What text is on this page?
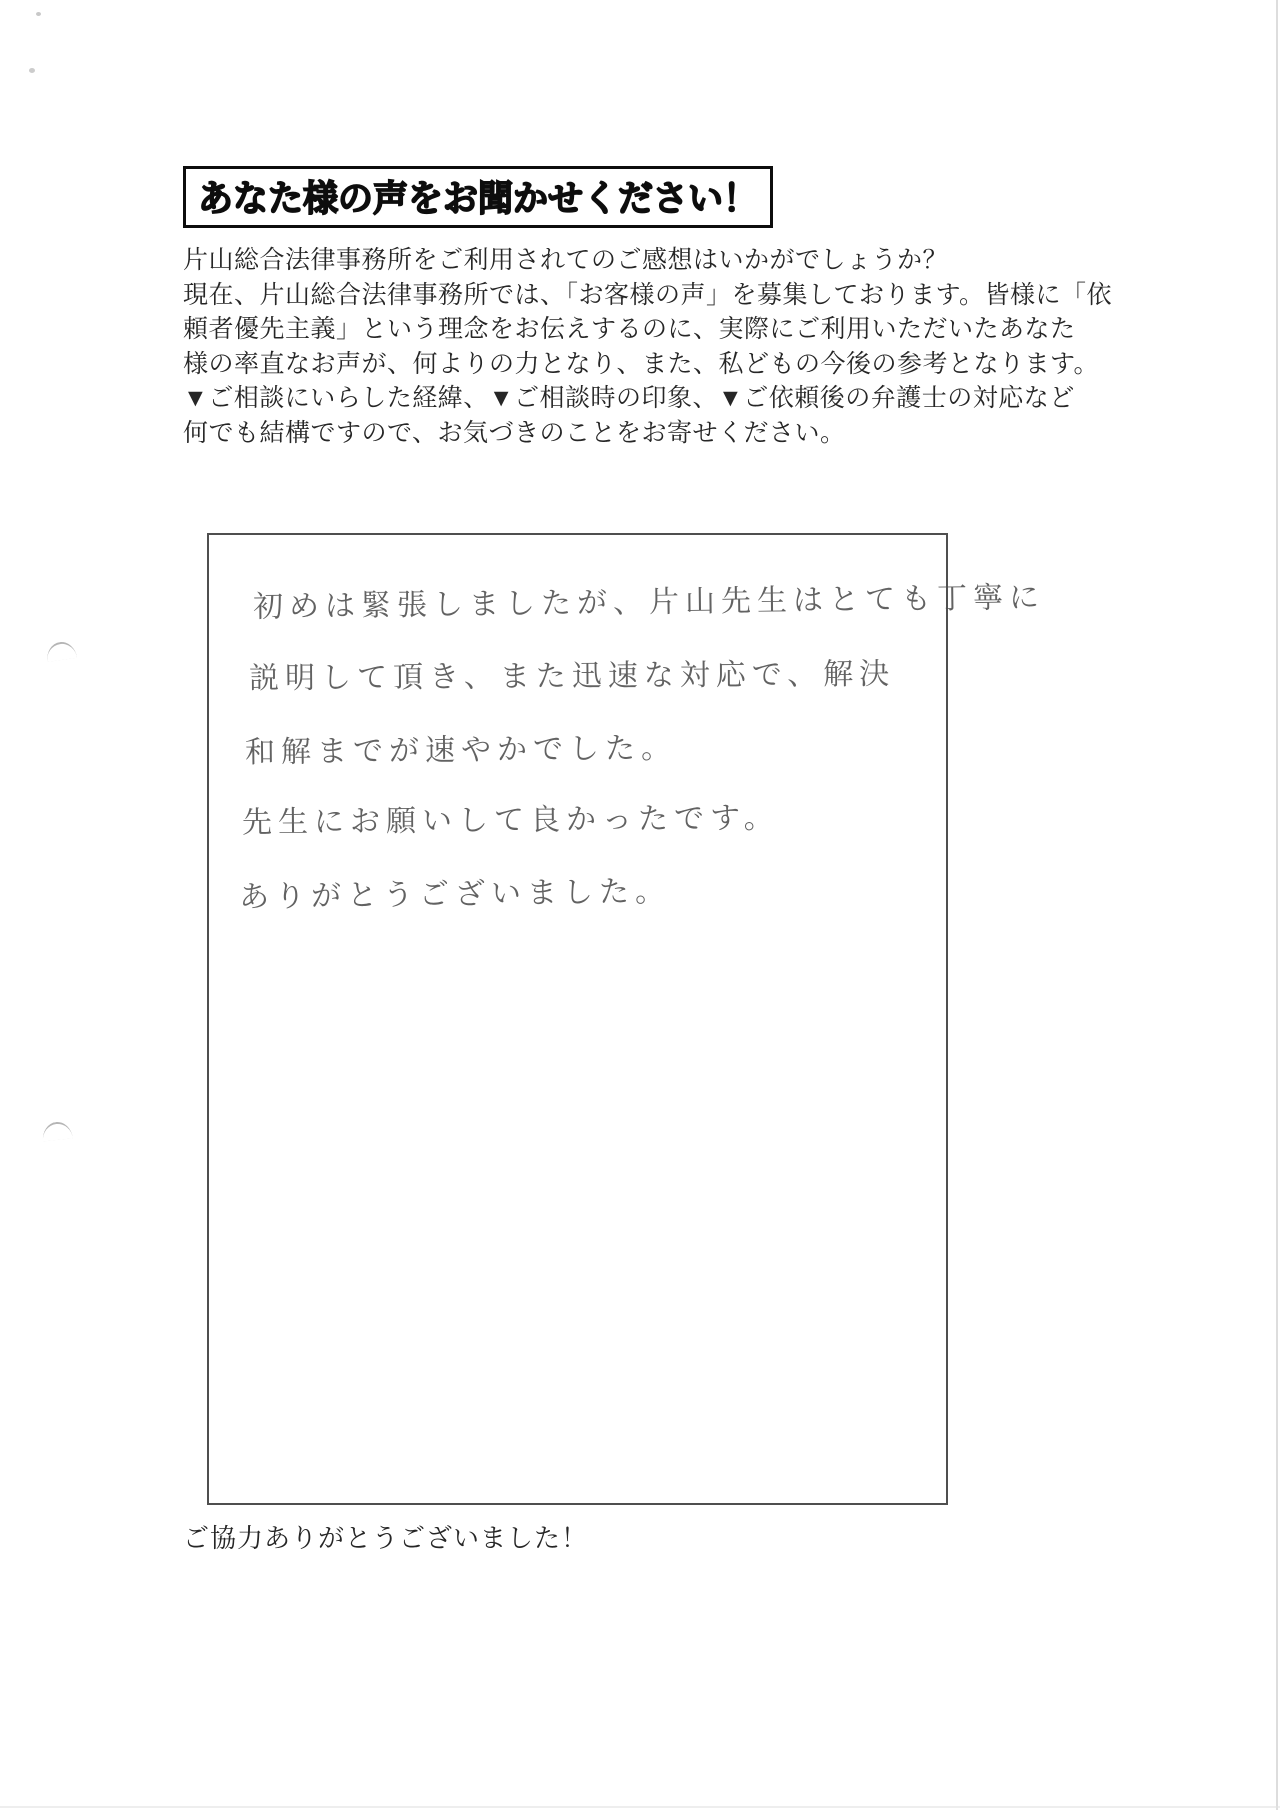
あなた様の声をお聞かせください！
片山総合法律事務所をご利用されてのご感想はいかがでしょうか？
現在、片山総合法律事務所では、「お客様の声」を募集しております。皆様に「依
頼者優先主義」という理念をお伝えするのに、実際にご利用いただいたあなた
様の率直なお声が、何よりの力となり、また、私どもの今後の参考となります。
▼ご相談にいらした経緯、▼ご相談時の印象、▼ご依頼後の弁護士の対応など
何でも結構ですので、お気づきのことをお寄せください。
初めは緊張しましたが、片山先生はとても丁寧に
説明して頂き、また迅速な対応で、解決
和解までが速やかでした。
先生にお願いして良かったです。
ありがとうございました。
ご協力ありがとうございました！
